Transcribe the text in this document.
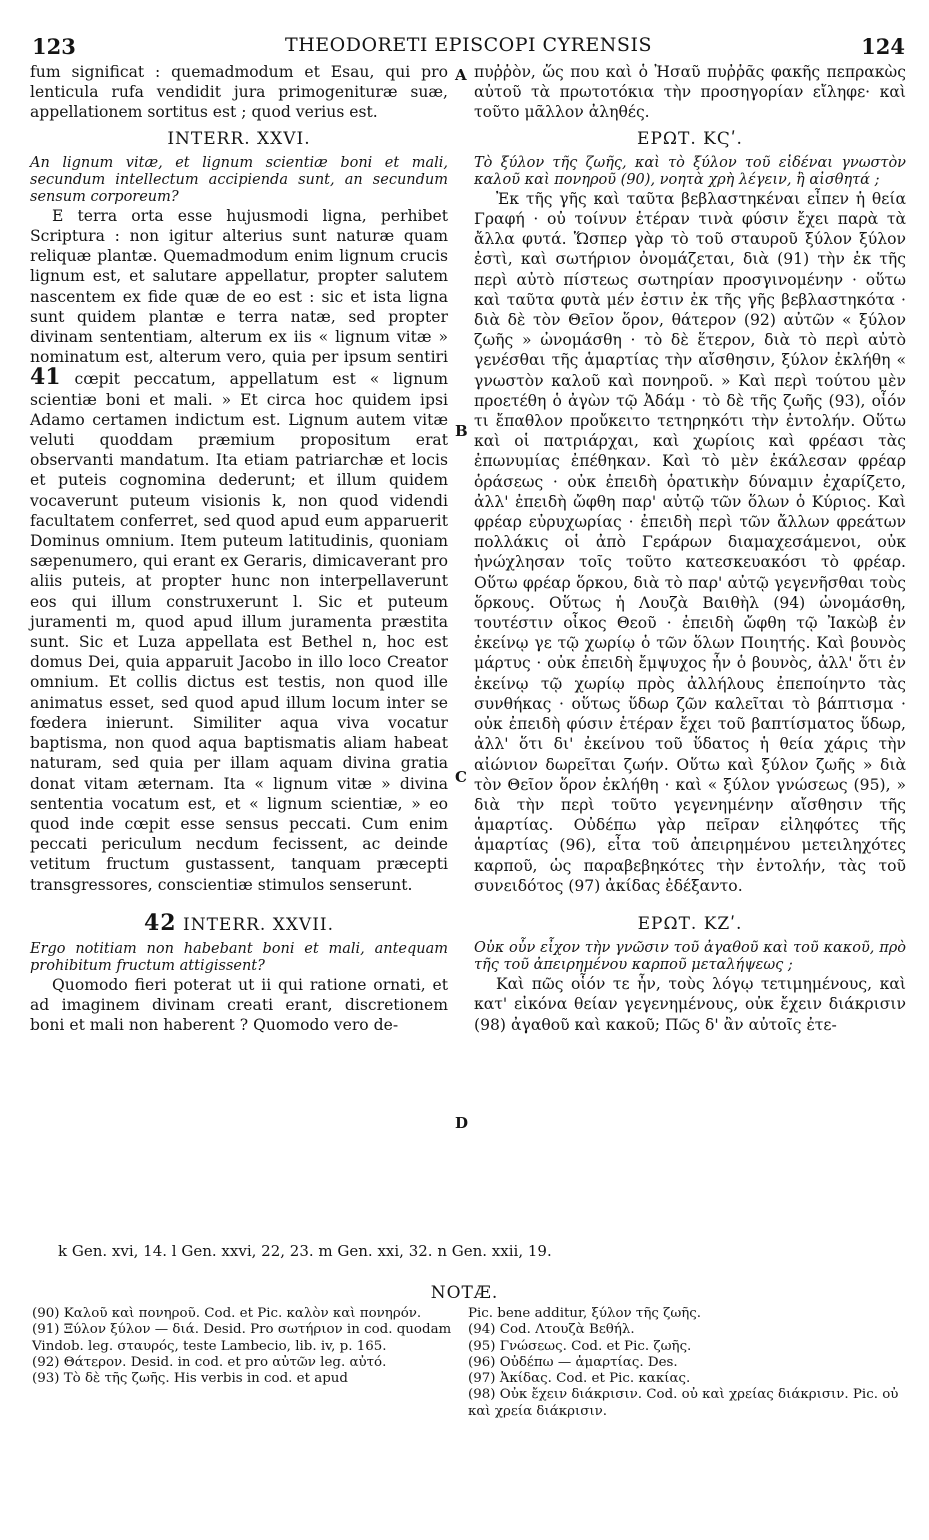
123	THEODORETI EPISCOPI CYRENSIS	124

fum significat : quemadmodum et Esau, qui pro lenticula rufa vendidit jura primogenituræ suæ, appellationem sortitus est ; quod verius est.

INTERR. XXVI.

An lignum vitæ, et lignum scientiæ boni et mali, secundum intellectum accipienda sunt, an secundum sensum corporeum?

E terra orta esse hujusmodi ligna, perhibet Scriptura : non igitur alterius sunt naturæ quam reliquæ plantæ. Quemadmodum enim lignum crucis lignum est, et salutare appellatur, propter salutem nascentem ex fide quæ de eo est : sic et ista ligna sunt quidem plantæ e terra natæ, sed propter divinam sententiam, alterum ex iis « lignum vitæ » nominatum est, alterum vero, quia per ipsum sentiri 41 cœpit peccatum, appellatum est « lignum scientiæ boni et mali. » Et circa hoc quidem ipsi Adamo certamen indictum est. Lignum autem vitæ veluti quoddam præmium propositum erat observanti mandatum. Ita etiam patriarchæ et locis et puteis cognomina dederunt; et illum quidem vocaverunt puteum visionis k, non quod videndi facultatem conferret, sed quod apud eum apparuerit Dominus omnium. Item puteum latitudinis, quoniam sæpenumero, qui erant ex Geraris, dimicaverant pro aliis puteis, at propter hunc non interpellaverunt eos qui illum construxerunt l. Sic et puteum juramenti m, quod apud illum juramenta præstita sunt. Sic et Luza appellata est Bethel n, hoc est domus Dei, quia apparuit Jacobo in illo loco Creator omnium. Et collis dictus est testis, non quod ille animatus esset, sed quod apud illum locum inter se fœdera inierunt. Similiter aqua viva vocatur baptisma, non quod aqua baptismatis aliam habeat naturam, sed quia per illam aquam divina gratia donat vitam æternam. Ita « lignum vitæ » divina sententia vocatum est, et « lignum scientiæ, » eo quod inde cœpit esse sensus peccati. Cum enim peccati periculum necdum fecissent, ac deinde vetitum fructum gustassent, tanquam præcepti transgressores, conscientiæ stimulos senserunt.

42 INTERR. XXVII.

Ergo notitiam non habebant boni et mali, antequam prohibitum fructum attigissent?

Quomodo fieri poterat ut ii qui ratione ornati, et ad imaginem divinam creati erant, discretionem boni et mali non haberent ? Quomodo vero de-

A
B
C
D

πυῤῥὸν, ὥς που καὶ ὁ Ἠσαῦ πυῤῥᾶς φακῆς πεπρακὼς αὐτοῦ τὰ πρωτοτόκια τὴν προσηγορίαν εἴληφε· καὶ τοῦτο μᾶλλον ἀληθές.

ΕΡΩΤ. ΚϚʹ.

Τὸ ξύλον τῆς ζωῆς, καὶ τὸ ξύλον τοῦ εἰδέναι γνωστὸν καλοῦ καὶ πονηροῦ (90), νοητὰ χρὴ λέγειν, ἢ αἰσθητά ;

Ἐκ τῆς γῆς καὶ ταῦτα βεβλαστηκέναι εἶπεν ἡ θεία Γραφή · οὐ τοίνυν ἑτέραν τινὰ φύσιν ἔχει παρὰ τὰ ἄλλα φυτά. Ὥσπερ γὰρ τὸ τοῦ σταυροῦ ξύλον ξύλον ἐστὶ, καὶ σωτήριον ὀνομάζεται, διὰ (91) τὴν ἐκ τῆς περὶ αὐτὸ πίστεως σωτηρίαν προσγινομένην · οὕτω καὶ ταῦτα φυτὰ μέν ἐστιν ἐκ τῆς γῆς βεβλαστηκότα · διὰ δὲ τὸν Θεῖον ὅρον, θάτερον (92) αὐτῶν « ξύλον ζωῆς » ὠνομάσθη · τὸ δὲ ἕτερον, διὰ τὸ περὶ αὐτὸ γενέσθαι τῆς ἁμαρτίας τὴν αἴσθησιν, ξύλον ἐκλήθη « γνωστὸν καλοῦ καὶ πονηροῦ. » Καὶ περὶ τούτου μὲν προετέθη ὁ ἀγὼν τῷ Ἀδάμ · τὸ δὲ τῆς ζωῆς (93), οἷόν τι ἔπαθλον προὔκειτο τετηρηκότι τὴν ἐντολήν. Οὕτω καὶ οἱ πατριάρχαι, καὶ χωρίοις καὶ φρέασι τὰς ἐπωνυμίας ἐπέθηκαν. Καὶ τὸ μὲν ἐκάλεσαν φρέαρ ὁράσεως · οὐκ ἐπειδὴ ὁρατικὴν δύναμιν ἐχαρίζετο, ἀλλ' ἐπειδὴ ὤφθη παρ' αὐτῷ τῶν ὅλων ὁ Κύριος. Καὶ φρέαρ εὐρυχωρίας · ἐπειδὴ περὶ τῶν ἄλλων φρεάτων πολλάκις οἱ ἀπὸ Γεράρων διαμαχεσάμενοι, οὐκ ἠνώχλησαν τοῖς τοῦτο κατεσκευακόσι τὸ φρέαρ. Οὕτω φρέαρ ὅρκου, διὰ τὸ παρ' αὐτῷ γεγενῆσθαι τοὺς ὅρκους. Οὕτως ἡ Λουζὰ Βαιθὴλ (94) ὠνομάσθη, τουτέστιν οἶκος Θεοῦ · ἐπειδὴ ὤφθη τῷ Ἰακὼβ ἐν ἐκείνῳ γε τῷ χωρίῳ ὁ τῶν ὅλων Ποιητής. Καὶ βουνὸς μάρτυς · οὐκ ἐπειδὴ ἔμψυχος ἦν ὁ βουνὸς, ἀλλ' ὅτι ἐν ἐκείνῳ τῷ χωρίῳ πρὸς ἀλλήλους ἐπεποίηντο τὰς συνθήκας · οὕτως ὕδωρ ζῶν καλεῖται τὸ βάπτισμα · οὐκ ἐπειδὴ φύσιν ἑτέραν ἔχει τοῦ βαπτίσματος ὕδωρ, ἀλλ' ὅτι δι' ἐκείνου τοῦ ὕδατος ἡ θεία χάρις τὴν αἰώνιον δωρεῖται ζωήν. Οὕτω καὶ ξύλον ζωῆς » διὰ τὸν Θεῖον ὅρον ἐκλήθη · καὶ « ξύλον γνώσεως (95), » διὰ τὴν περὶ τοῦτο γεγενημένην αἴσθησιν τῆς ἁμαρτίας. Οὐδέπω γὰρ πεῖραν εἰληφότες τῆς ἁμαρτίας (96), εἶτα τοῦ ἀπειρημένου μετειληχότες καρποῦ, ὡς παραβεβηκότες τὴν ἐντολήν, τὰς τοῦ συνειδότος (97) ἀκίδας ἐδέξαντο.

ΕΡΩΤ. ΚΖʹ.

Οὐκ οὖν εἶχον τὴν γνῶσιν τοῦ ἀγαθοῦ καὶ τοῦ κακοῦ, πρὸ τῆς τοῦ ἀπειρημένου καρποῦ μεταλήψεως ;

Καὶ πῶς οἷόν τε ἦν, τοὺς λόγῳ τετιμημένους, καὶ κατ' εἰκόνα θείαν γεγενημένους, οὐκ ἔχειν διάκρισιν (98) ἀγαθοῦ καὶ κακοῦ; Πῶς δ' ἂν αὐτοῖς ἐτε-

k Gen. xvi, 14. l Gen. xxvi, 22, 23. m Gen. xxi, 32. n Gen. xxii, 19.
NOTÆ.

(90) Καλοῦ καὶ πονηροῦ. Cod. et Pic. καλὸν καὶ πονηρόν.

(91) Ξύλον ξύλον — διά. Desid. Pro σωτήριον in cod. quodam Vindob. leg. σταυρός, teste Lambecio, lib. iv, p. 165.

(92) Θάτερον. Desid. in cod. et pro αὐτῶν leg. αὐτό.

(93) Τὸ δὲ τῆς ζωῆς. His verbis in cod. et apud

Pic. bene additur, ξύλον τῆς ζωῆς.

(94) Cod. Λτουζὰ Βεθήλ.

(95) Γνώσεως. Cod. et Pic. ζωῆς.

(96) Οὐδέπω — ἁμαρτίας. Des.

(97) Ἀκίδας. Cod. et Pic. κακίας.

(98) Οὐκ ἔχειν διάκρισιν. Cod. οὐ καὶ χρείας διάκρισιν. Pic. οὐ καὶ χρεία διάκρισιν.
